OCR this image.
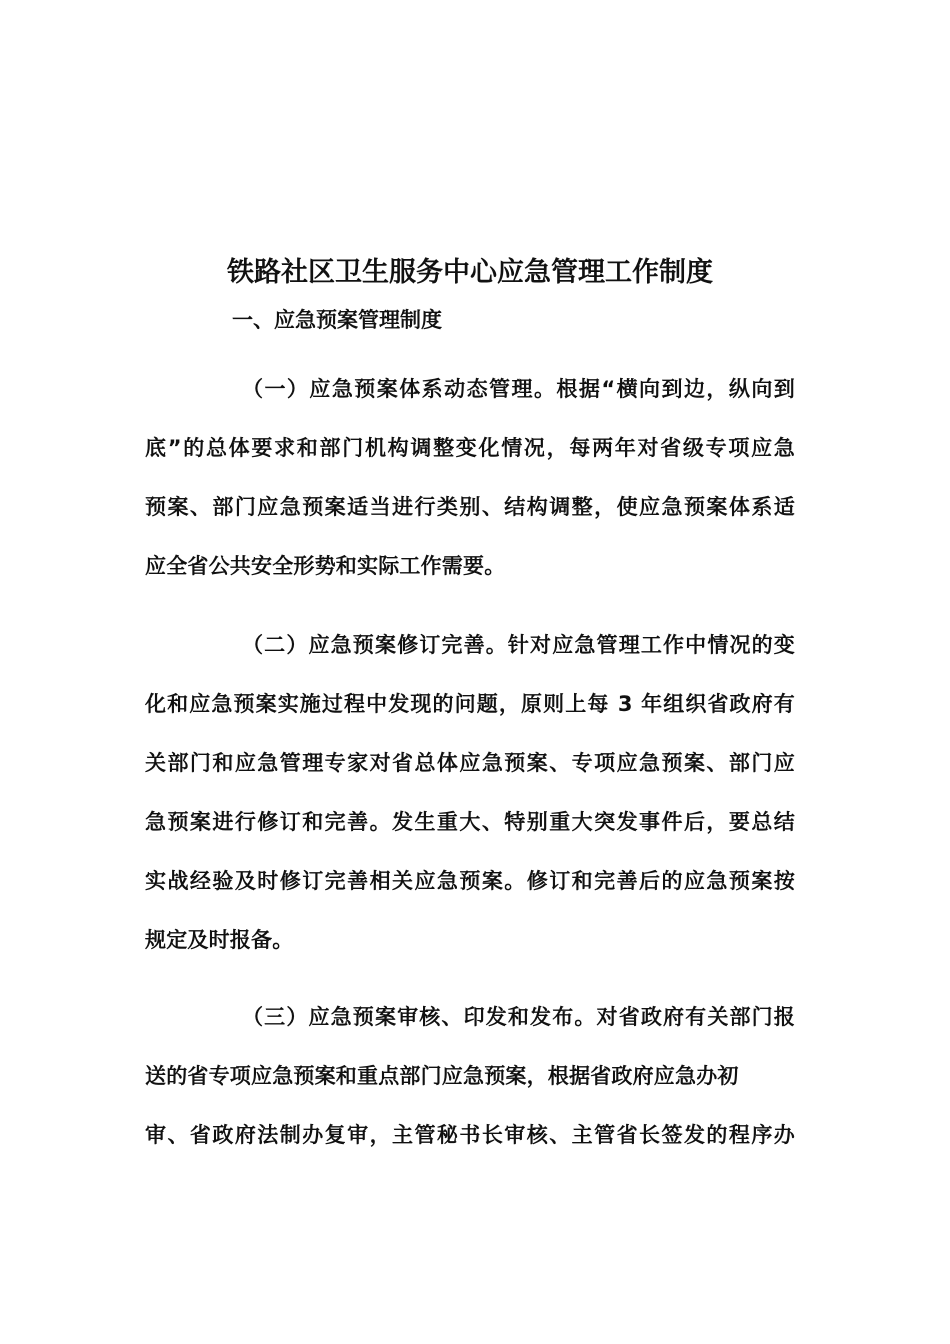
铁路社区卫生服务中心应急管理工作制度
一、应急预案管理制度
（一）应急预案体系动态管理。根据“横向到边，纵向到
底”的总体要求和部门机构调整变化情况，每两年对省级专项应急
预案、部门应急预案适当进行类别、结构调整，使应急预案体系适
应全省公共安全形势和实际工作需要。
（二）应急预案修订完善。针对应急管理工作中情况的变
化和应急预案实施过程中发现的问题，原则上每 3 年组织省政府有
关部门和应急管理专家对省总体应急预案、专项应急预案、部门应
急预案进行修订和完善。发生重大、特别重大突发事件后，要总结
实战经验及时修订完善相关应急预案。修订和完善后的应急预案按
规定及时报备。
（三）应急预案审核、印发和发布。对省政府有关部门报
送的省专项应急预案和重点部门应急预案，根据省政府应急办初
审、省政府法制办复审，主管秘书长审核、主管省长签发的程序办
